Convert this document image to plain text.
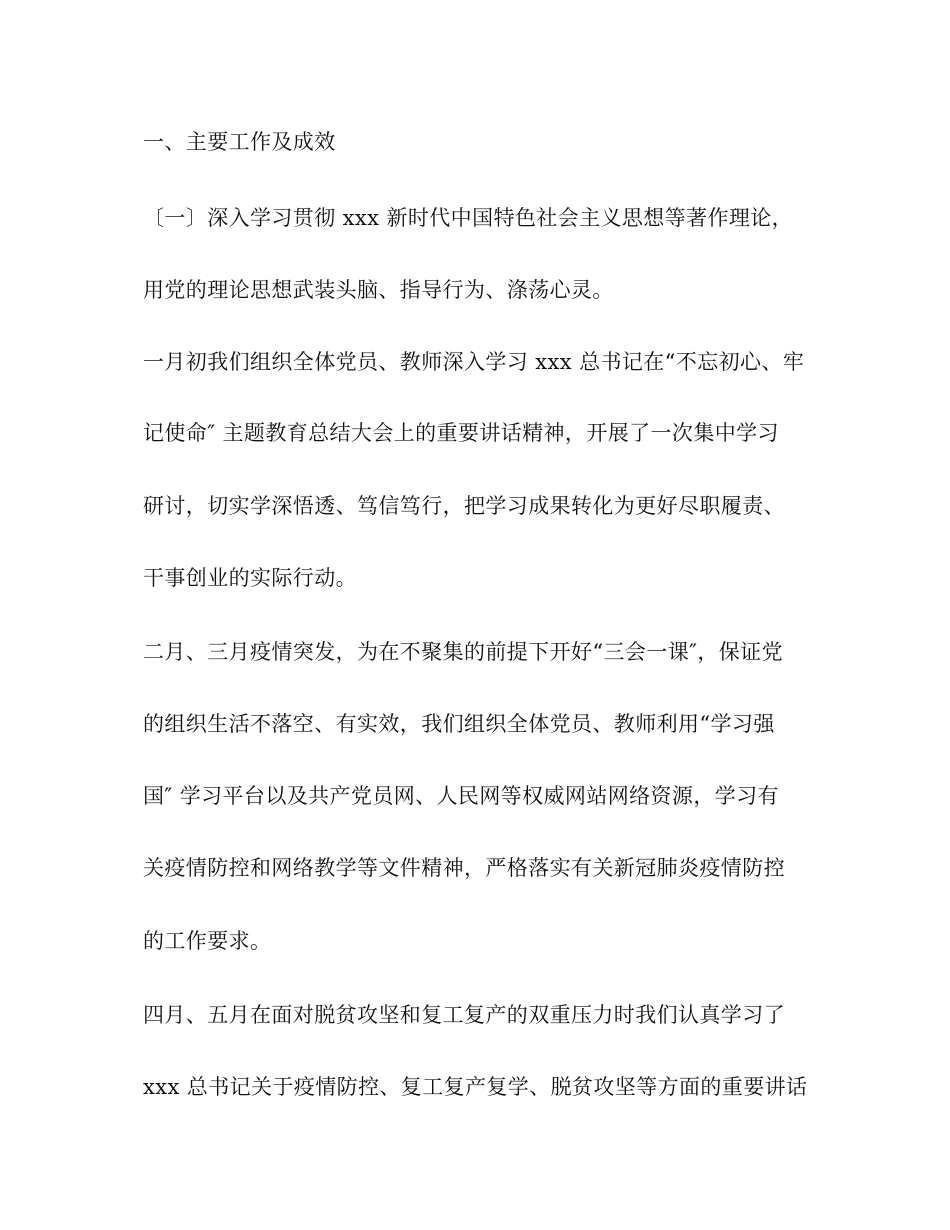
一、主要工作及成效
〔一〕深入学习贯彻 xxx 新时代中国特色社会主义思想等著作理论，
用党的理论思想武装头脑、指导行为、涤荡心灵。
一月初我们组织全体党员、教师深入学习 xxx 总书记在“不忘初心、牢
记使命″ 主题教育总结大会上的重要讲话精神，开展了一次集中学习
研讨，切实学深悟透、笃信笃行，把学习成果转化为更好尽职履责、
干事创业的实际行动。
二月、三月疫情突发，为在不聚集的前提下开好“三会一课″，保证党
的组织生活不落空、有实效，我们组织全体党员、教师利用“学习强
国″ 学习平台以及共产党员网、人民网等权威网站网络资源，学习有
关疫情防控和网络教学等文件精神，严格落实有关新冠肺炎疫情防控
的工作要求。
四月、五月在面对脱贫攻坚和复工复产的双重压力时我们认真学习了
xxx 总书记关于疫情防控、复工复产复学、脱贫攻坚等方面的重要讲话
